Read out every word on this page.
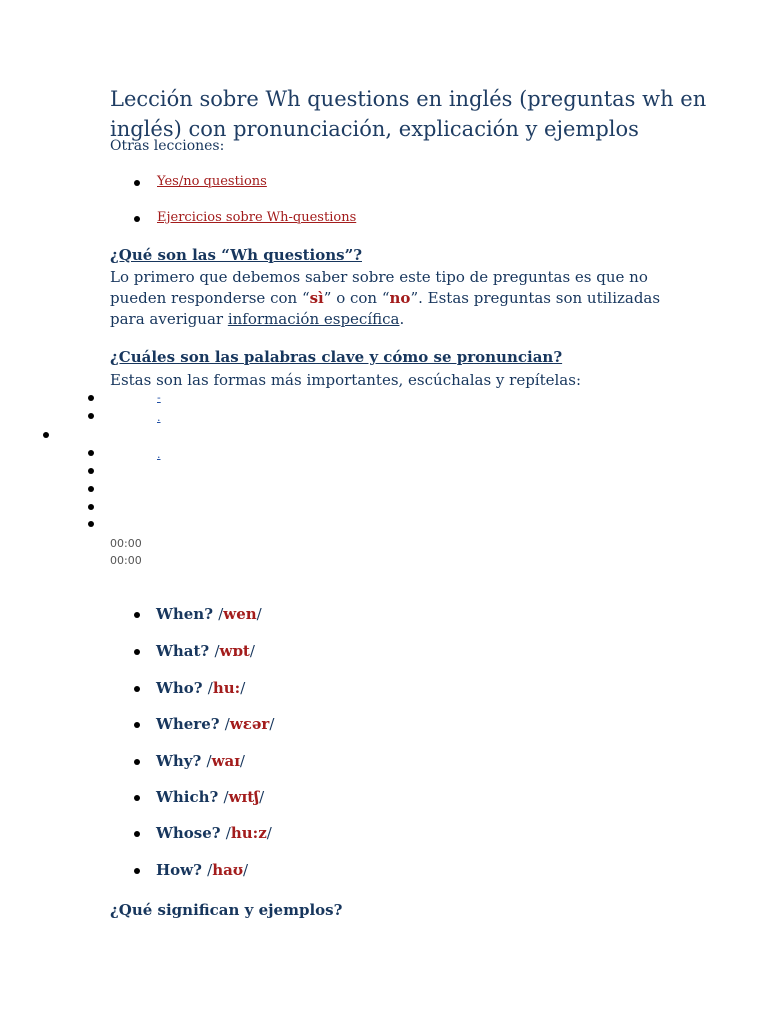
Lección sobre Wh questions en inglés (preguntas wh en inglés) con pronunciación, explicación y ejemplos
Otras lecciones:
Yes/no questions
Ejercicios sobre Wh-questions
¿Qué son las “Wh questions”?
Lo primero que debemos saber sobre este tipo de preguntas es que no
pueden responderse con “sì” o con “no”. Estas preguntas son utilizadas
para averiguar información específica.
¿Cuáles son las palabras clave y cómo se pronuncian?
Estas son las formas más importantes, escúchalas y repítelas:
-
.
.
00:00
00:00
When? /wen/
What? /wɒt/
Who? /hu:/
Where? /wεər/
Why? /waɪ/
Which? /wɪtʃ/
Whose? /hu:z/
How? /haʊ/
¿Qué significan y ejemplos?
